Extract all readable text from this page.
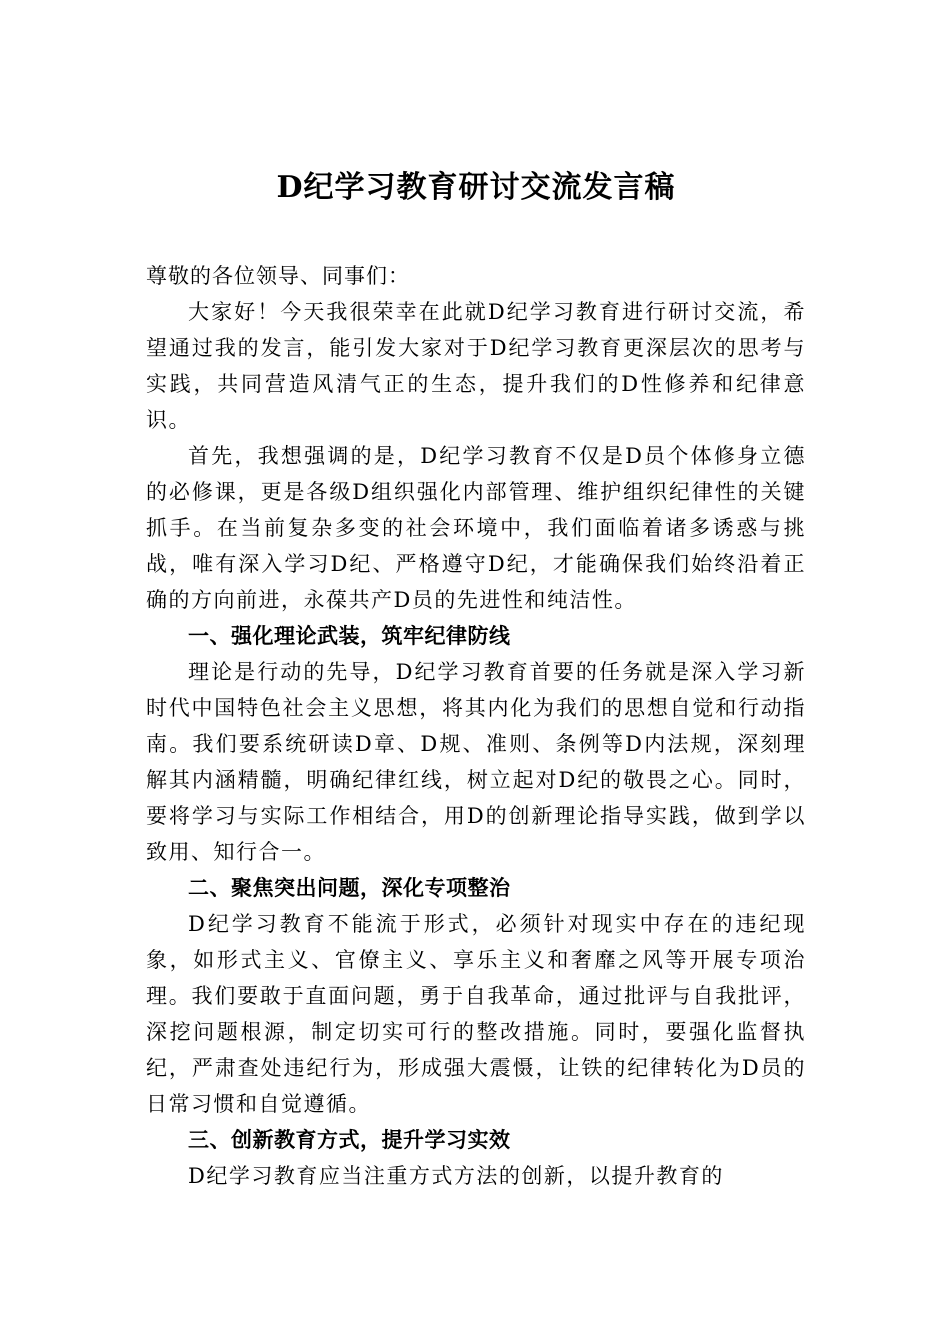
D纪学习教育研讨交流发言稿

尊敬的各位领导、同事们：

大家好！今天我很荣幸在此就D纪学习教育进行研讨交流，希望通过我的发言，能引发大家对于D纪学习教育更深层次的思考与实践，共同营造风清气正的生态，提升我们的D性修养和纪律意识。

首先，我想强调的是，D纪学习教育不仅是D员个体修身立德的必修课，更是各级D组织强化内部管理、维护组织纪律性的关键抓手。在当前复杂多变的社会环境中，我们面临着诸多诱惑与挑战，唯有深入学习D纪、严格遵守D纪，才能确保我们始终沿着正确的方向前进，永葆共产D员的先进性和纯洁性。

一、强化理论武装，筑牢纪律防线

理论是行动的先导，D纪学习教育首要的任务就是深入学习新时代中国特色社会主义思想，将其内化为我们的思想自觉和行动指南。我们要系统研读D章、D规、准则、条例等D内法规，深刻理解其内涵精髓，明确纪律红线，树立起对D纪的敬畏之心。同时，要将学习与实际工作相结合，用D的创新理论指导实践，做到学以致用、知行合一。

二、聚焦突出问题，深化专项整治

D纪学习教育不能流于形式，必须针对现实中存在的违纪现象，如形式主义、官僚主义、享乐主义和奢靡之风等开展专项治理。我们要敢于直面问题，勇于自我革命，通过批评与自我批评，深挖问题根源，制定切实可行的整改措施。同时，要强化监督执纪，严肃查处违纪行为，形成强大震慑，让铁的纪律转化为D员的日常习惯和自觉遵循。

三、创新教育方式，提升学习实效

D纪学习教育应当注重方式方法的创新，以提升教育的
